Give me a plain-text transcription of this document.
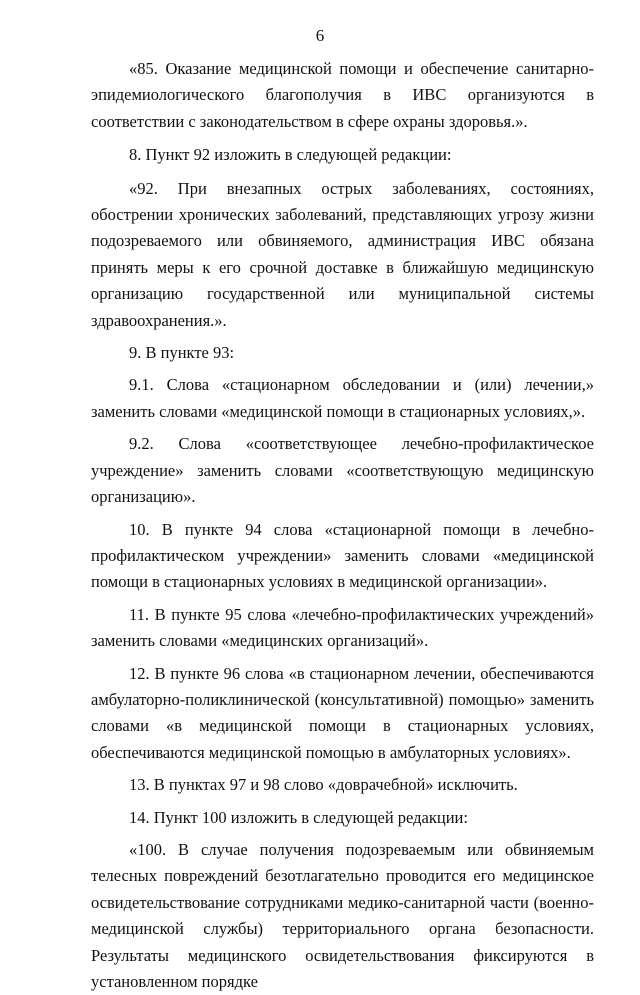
6

«85. Оказание медицинской помощи и обеспечение санитарно-эпидемиологического благополучия в ИВС организуются в соответствии с законодательством в сфере охраны здоровья.».

8. Пункт 92 изложить в следующей редакции:

«92. При внезапных острых заболеваниях, состояниях, обострении хронических заболеваний, представляющих угрозу жизни подозреваемого или обвиняемого, администрация ИВС обязана принять меры к его срочной доставке в ближайшую медицинскую организацию государственной или муниципальной системы здравоохранения.».

9. В пункте 93:

9.1. Слова «стационарном обследовании и (или) лечении,» заменить словами «медицинской помощи в стационарных условиях,».

9.2. Слова «соответствующее лечебно-профилактическое учреждение» заменить словами «соответствующую медицинскую организацию».

10. В пункте 94 слова «стационарной помощи в лечебно-профилактическом учреждении» заменить словами «медицинской помощи в стационарных условиях в медицинской организации».

11. В пункте 95 слова «лечебно-профилактических учреждений» заменить словами «медицинских организаций».

12. В пункте 96 слова «в стационарном лечении, обеспечиваются амбулаторно-поликлинической (консультативной) помощью» заменить словами «в медицинской помощи в стационарных условиях, обеспечиваются медицинской помощью в амбулаторных условиях».

13. В пунктах 97 и 98 слово «доврачебной» исключить.

14. Пункт 100 изложить в следующей редакции:

«100. В случае получения подозреваемым или обвиняемым телесных повреждений безотлагательно проводится его медицинское освидетельствование сотрудниками медико-санитарной части (военно-медицинской службы) территориального органа безопасности. Результаты медицинского освидетельствования фиксируются в установленном порядке
